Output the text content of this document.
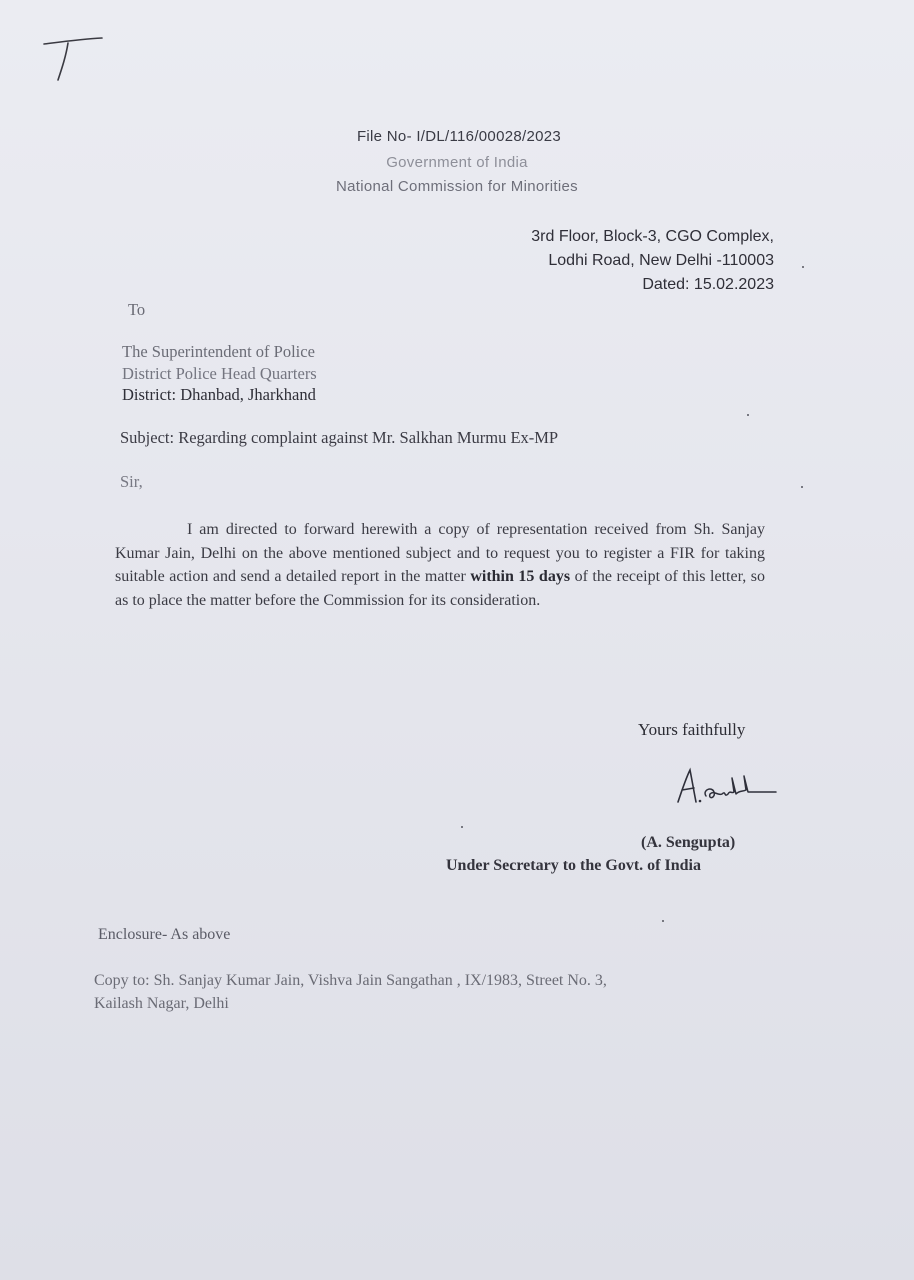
File No- I/DL/116/00028/2023
Government of India
National Commission for Minorities
3rd Floor, Block-3, CGO Complex,
Lodhi Road, New Delhi -110003
Dated: 15.02.2023
To
The Superintendent of Police
District Police Head Quarters
District: Dhanbad, Jharkhand
Subject: Regarding complaint against Mr. Salkhan Murmu Ex-MP
Sir,
I am directed to forward herewith a copy of representation received from Sh. Sanjay Kumar Jain, Delhi on the above mentioned subject and to request you to register a FIR for taking suitable action and send a detailed report in the matter within 15 days of the receipt of this letter, so as to place the matter before the Commission for its consideration.
Yours faithfully
(A. Sengupta)
Under Secretary to the Govt. of India
Enclosure- As above
Copy to: Sh. Sanjay Kumar Jain, Vishva Jain Sangathan , IX/1983, Street No. 3,
Kailash Nagar, Delhi
